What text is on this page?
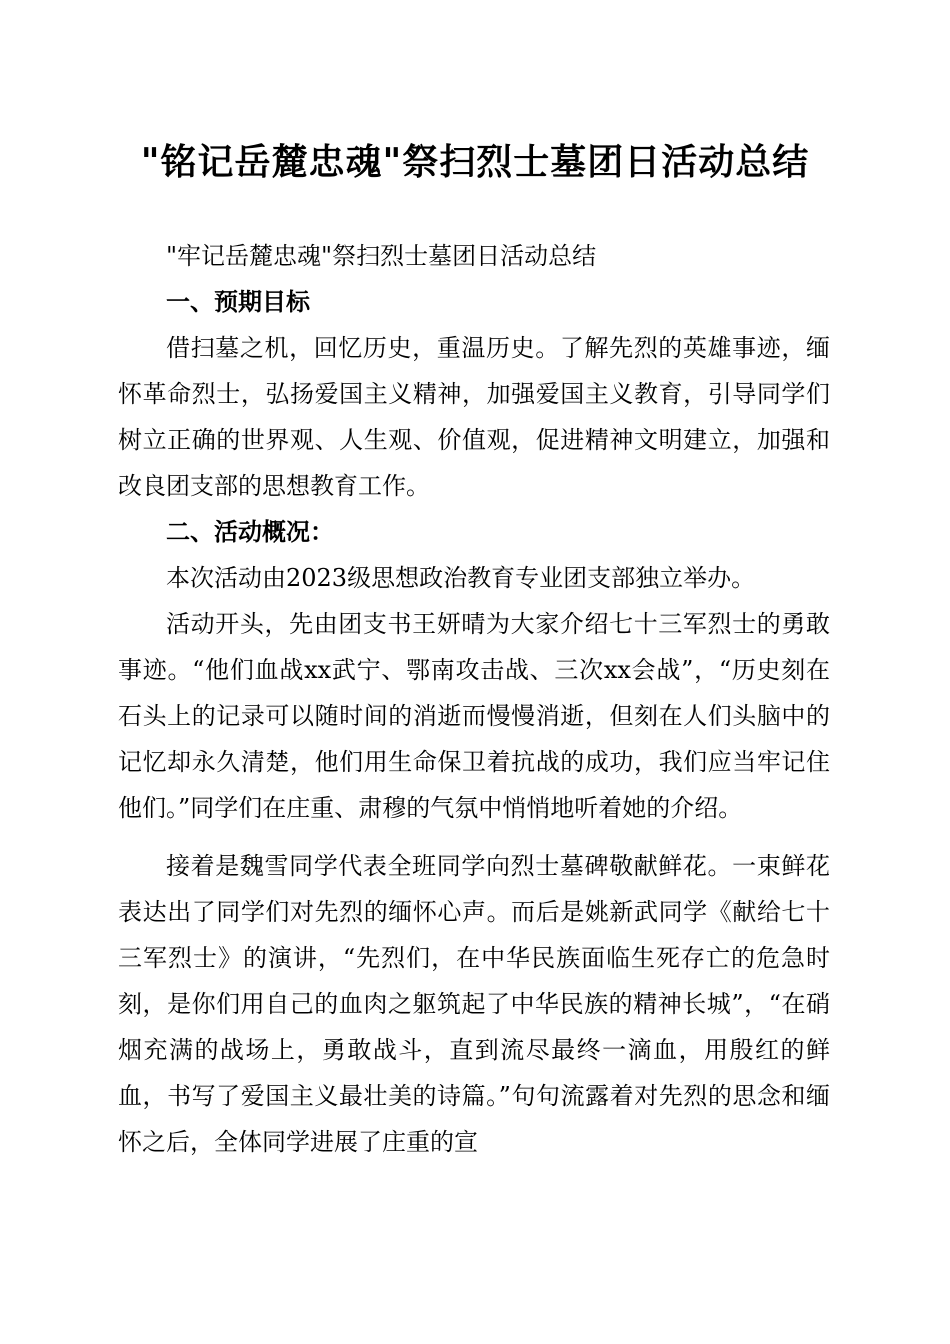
"铭记岳麓忠魂"祭扫烈士墓团日活动总结

"牢记岳麓忠魂"祭扫烈士墓团日活动总结

一、预期目标

借扫墓之机，回忆历史，重温历史。了解先烈的英雄事迹，缅怀革命烈士，弘扬爱国主义精神，加强爱国主义教育，引导同学们树立正确的世界观、人生观、价值观，促进精神文明建立，加强和改良团支部的思想教育工作。

二、活动概况：

本次活动由2023级思想政治教育专业团支部独立举办。

活动开头，先由团支书王妍晴为大家介绍七十三军烈士的勇敢事迹。“他们血战xx武宁、鄂南攻击战、三次xx会战”，“历史刻在石头上的记录可以随时间的消逝而慢慢消逝，但刻在人们头脑中的记忆却永久清楚，他们用生命保卫着抗战的成功，我们应当牢记住他们。”同学们在庄重、肃穆的气氛中悄悄地听着她的介绍。

接着是魏雪同学代表全班同学向烈士墓碑敬献鲜花。一束鲜花表达出了同学们对先烈的缅怀心声。而后是姚新武同学《献给七十三军烈士》的演讲，“先烈们，在中华民族面临生死存亡的危急时刻，是你们用自己的血肉之躯筑起了中华民族的精神长城”，“在硝烟充满的战场上，勇敢战斗，直到流尽最终一滴血，用殷红的鲜血，书写了爱国主义最壮美的诗篇。”句句流露着对先烈的思念和缅怀之后，全体同学进展了庄重的宣
